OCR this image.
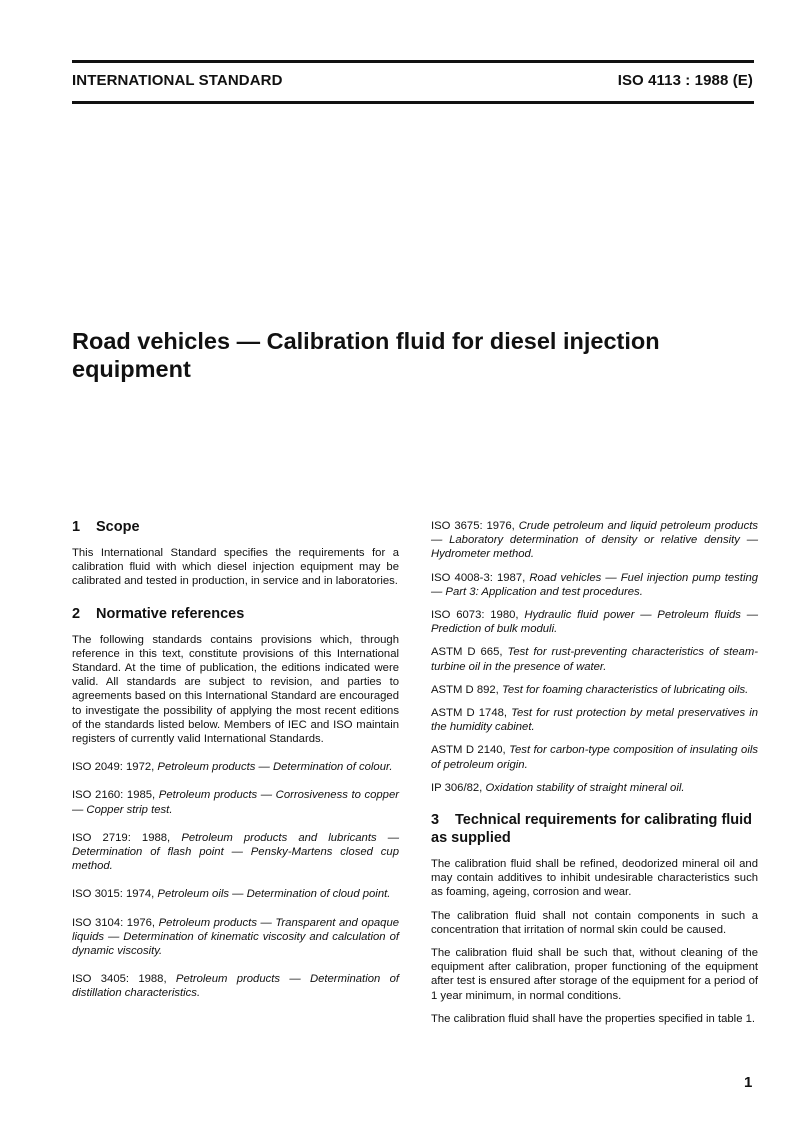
INTERNATIONAL STANDARD	ISO 4113 : 1988 (E)
Road vehicles — Calibration fluid for diesel injection equipment
1 Scope

This International Standard specifies the requirements for a calibration fluid with which diesel injection equipment may be calibrated and tested in production, in service and in laboratories.

2 Normative references

The following standards contains provisions which, through reference in this text, constitute provisions of this International Standard. At the time of publication, the editions indicated were valid. All standards are subject to revision, and parties to agreements based on this International Standard are encouraged to investigate the possibility of applying the most recent editions of the standards listed below. Members of IEC and ISO maintain registers of currently valid International Standards.

ISO 2049: 1972, Petroleum products — Determination of colour.

ISO 2160: 1985, Petroleum products — Corrosiveness to copper — Copper strip test.

ISO 2719: 1988, Petroleum products and lubricants — Determination of flash point — Pensky-Martens closed cup method.

ISO 3015: 1974, Petroleum oils — Determination of cloud point.

ISO 3104: 1976, Petroleum products — Transparent and opaque liquids — Determination of kinematic viscosity and calculation of dynamic viscosity.

ISO 3405: 1988, Petroleum products — Determination of distillation characteristics.

ISO 3675: 1976, Crude petroleum and liquid petroleum products — Laboratory determination of density or relative density — Hydrometer method.

ISO 4008-3: 1987, Road vehicles — Fuel injection pump testing — Part 3: Application and test procedures.

ISO 6073: 1980, Hydraulic fluid power — Petroleum fluids — Prediction of bulk moduli.

ASTM D 665, Test for rust-preventing characteristics of steam-turbine oil in the presence of water.

ASTM D 892, Test for foaming characteristics of lubricating oils.

ASTM D 1748, Test for rust protection by metal preservatives in the humidity cabinet.

ASTM D 2140, Test for carbon-type composition of insulating oils of petroleum origin.

IP 306/82, Oxidation stability of straight mineral oil.

3 Technical requirements for calibrating fluid as supplied

The calibration fluid shall be refined, deodorized mineral oil and may contain additives to inhibit undesirable characteristics such as foaming, ageing, corrosion and wear.

The calibration fluid shall not contain components in such a concentration that irritation of normal skin could be caused.

The calibration fluid shall be such that, without cleaning of the equipment after calibration, proper functioning of the equipment after test is ensured after storage of the equipment for a period of 1 year minimum, in normal conditions.

The calibration fluid shall have the properties specified in table 1.

1
